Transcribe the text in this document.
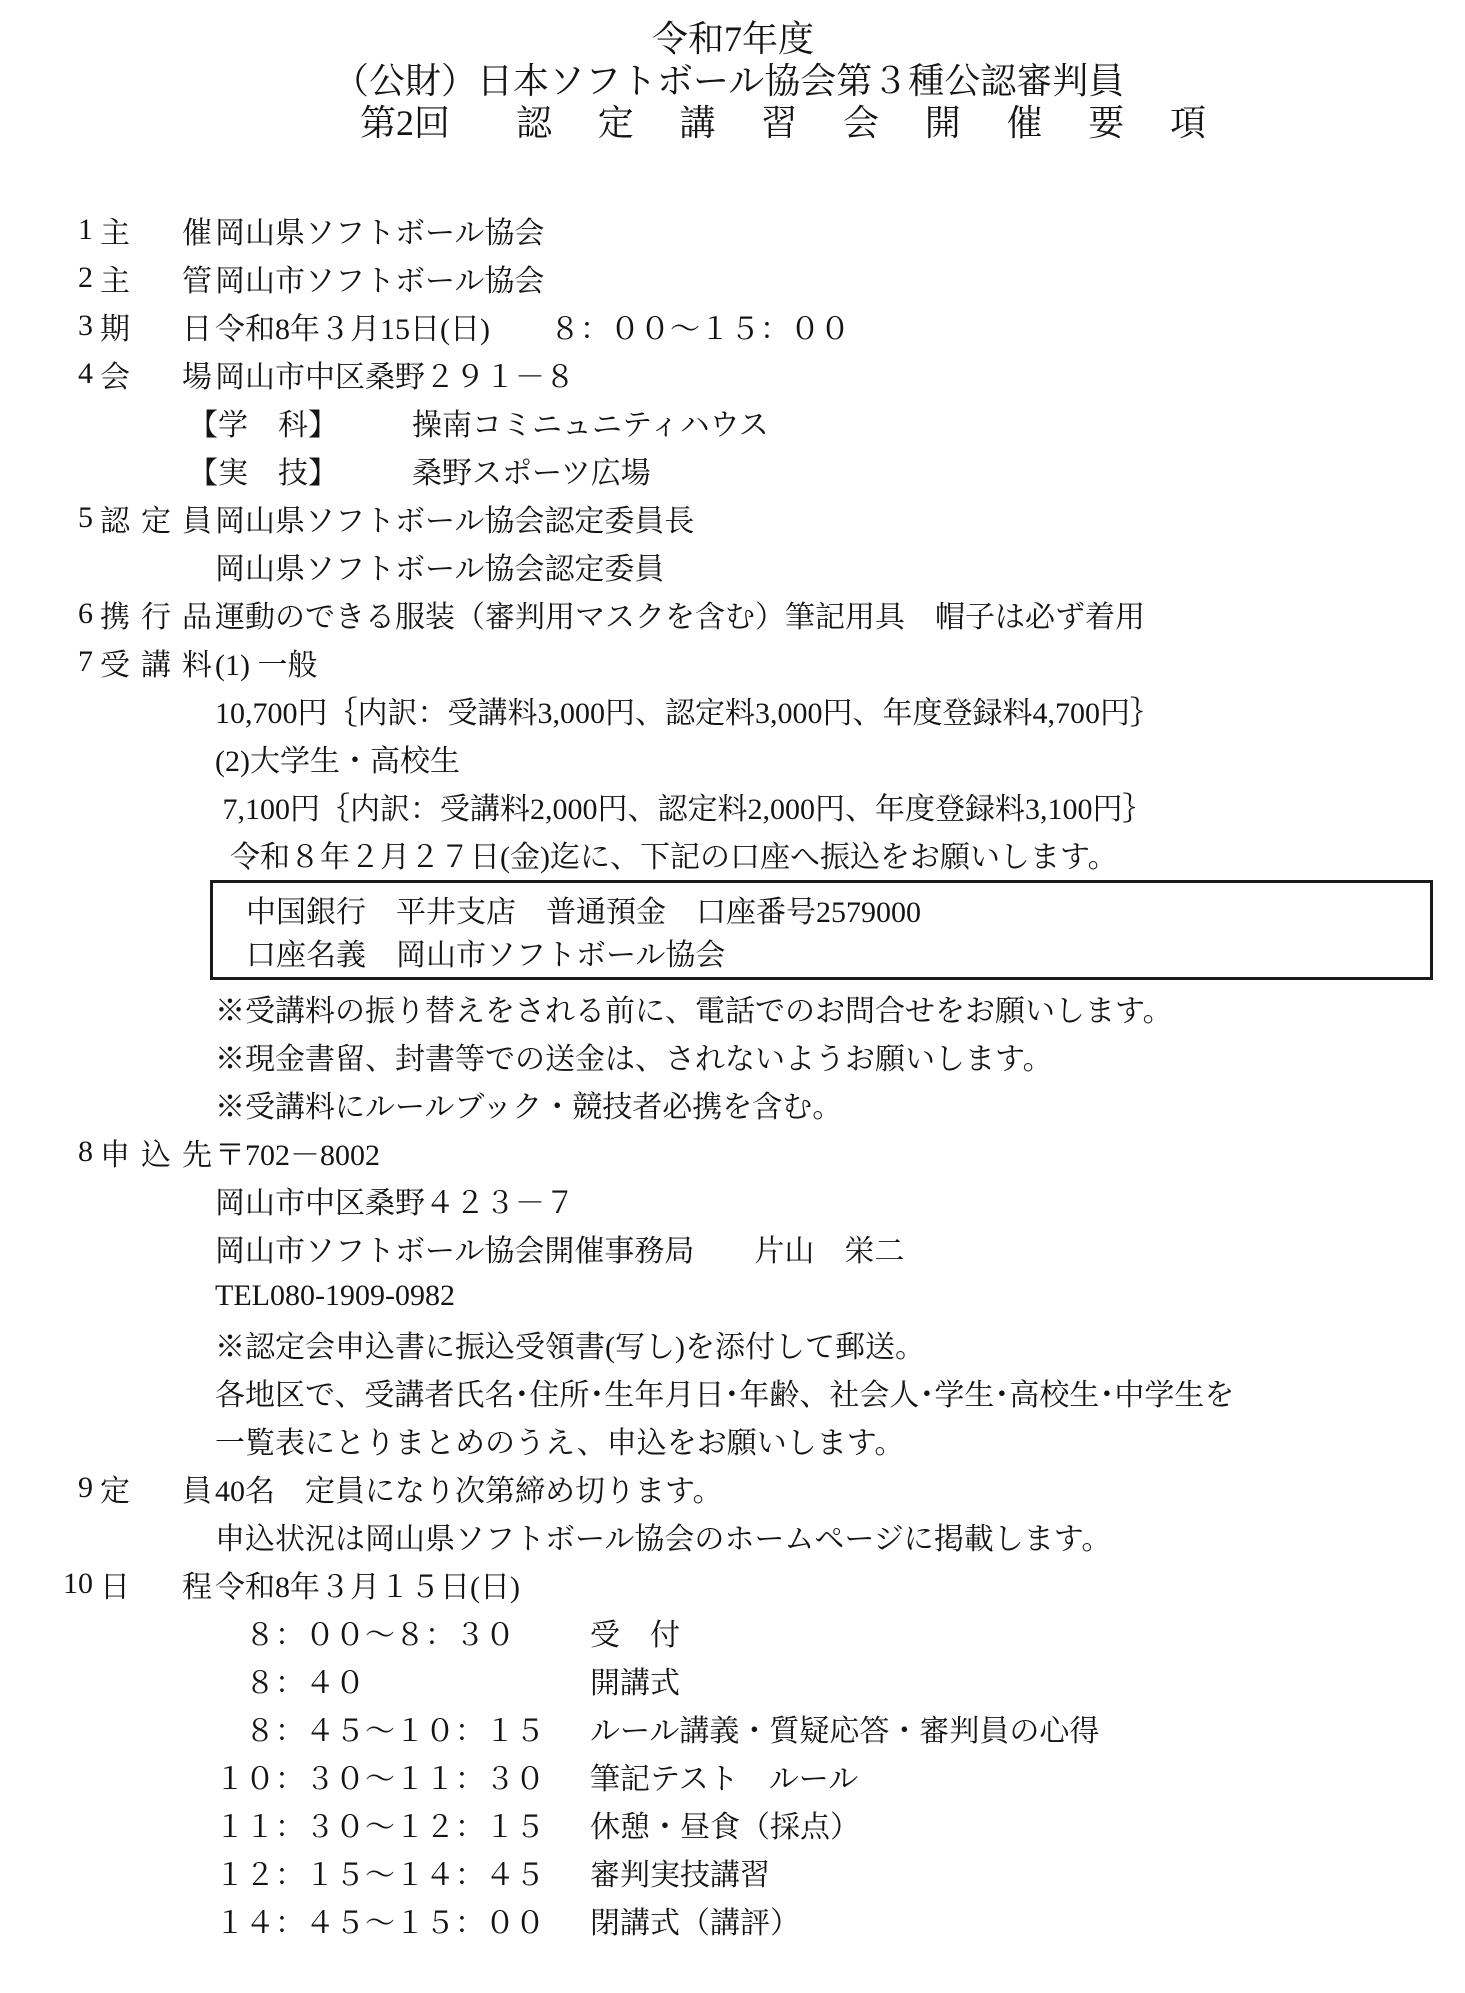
令和7年度
（公財）日本ソフトボール協会第３種公認審判員
第2回 認定講習会開催要項
1 主催 岡山県ソフトボール協会
2 主管 岡山市ソフトボール協会
3 期日 令和8年３月15日(日)　　８：００～１５：００
4 会場 岡山市中区桑野２９１－８
【学　科】 操南コミニュニティハウス
【実　技】 桑野スポーツ広場
5 認定員 岡山県ソフトボール協会認定委員長
岡山県ソフトボール協会認定委員
6 携行品 運動のできる服装（審判用マスクを含む）筆記用具　帽子は必ず着用
7 受講料 (1) 一般
10,700円｛内訳：受講料3,000円、認定料3,000円、年度登録料4,700円｝
(2)大学生・高校生
7,100円｛内訳：受講料2,000円、認定料2,000円、年度登録料3,100円｝
令和８年２月２７日(金)迄に、下記の口座へ振込をお願いします。
中国銀行　平井支店　普通預金　口座番号2579000
口座名義　岡山市ソフトボール協会
※受講料の振り替えをされる前に、電話でのお問合せをお願いします。
※現金書留、封書等での送金は、されないようお願いします。
※受講料にルールブック・競技者必携を含む。
8 申込先 〒702－8002
岡山市中区桑野４２３－７
岡山市ソフトボール協会開催事務局　　片山　栄二
TEL080-1909-0982
※認定会申込書に振込受領書(写し)を添付して郵送。
各地区で、受講者氏名･住所･生年月日･年齢、社会人･学生･高校生･中学生を
一覧表にとりまとめのうえ、申込をお願いします。
9 定員 40名　定員になり次第締め切ります。
申込状況は岡山県ソフトボール協会のホームページに掲載します。
10 日程 令和8年３月１５日(日)
　８：００～８：３０	受　付
　８：４０	開講式
　８：４５～１０：１５	ルール講義・質疑応答・審判員の心得
１０：３０～１１：３０	筆記テスト　ルール
１１：３０～１２：１５	休憩・昼食（採点）
１２：１５～１４：４５	審判実技講習
１４：４５～１５：００	閉講式（講評）
